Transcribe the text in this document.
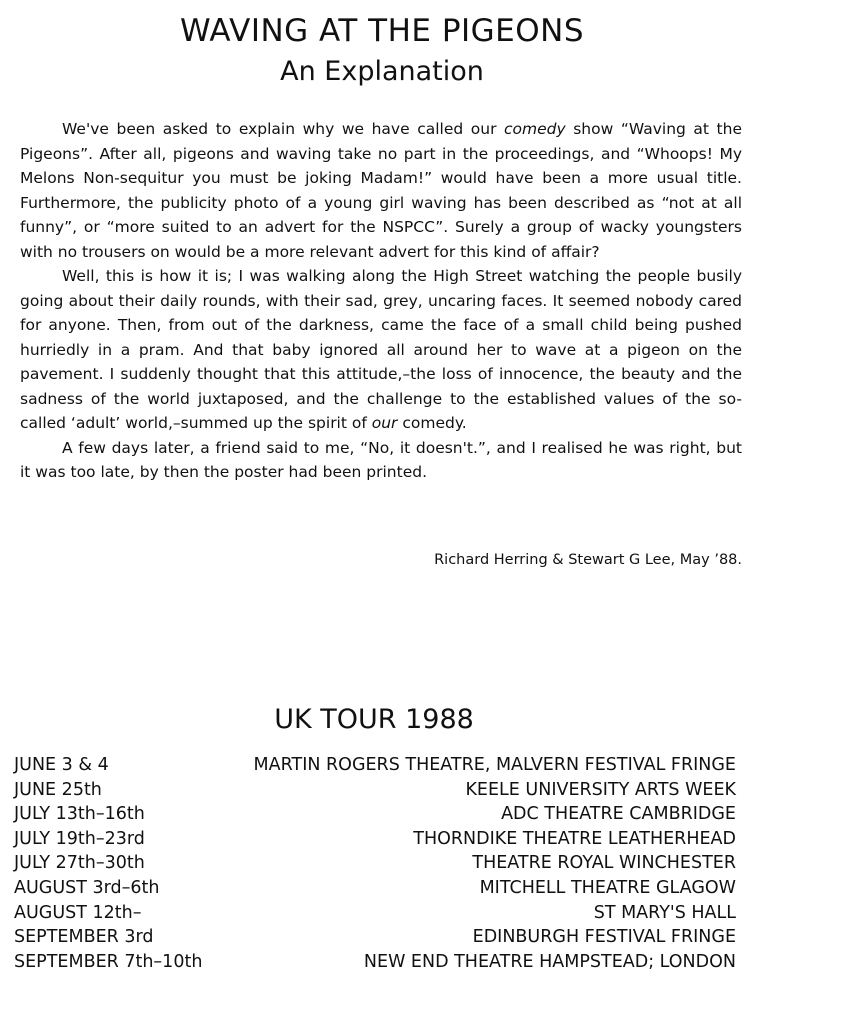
WAVING AT THE PIGEONS
An Explanation

We've been asked to explain why we have called our comedy show “Waving at the Pigeons”. After all, pigeons and waving take no part in the proceedings, and “Whoops! My Melons Non-sequitur you must be joking Madam!” would have been a more usual title. Furthermore, the publicity photo of a young girl waving has been described as “not at all funny”, or “more suited to an advert for the NSPCC”. Surely a group of wacky youngsters with no trousers on would be a more relevant advert for this kind of affair?

Well, this is how it is; I was walking along the High Street watching the people busily going about their daily rounds, with their sad, grey, uncaring faces. It seemed nobody cared for anyone. Then, from out of the darkness, came the face of a small child being pushed hurriedly in a pram. And that baby ignored all around her to wave at a pigeon on the pavement. I suddenly thought that this attitude,–the loss of innocence, the beauty and the sadness of the world juxtaposed, and the challenge to the established values of the so-called ‘adult’ world,–summed up the spirit of our comedy.

A few days later, a friend said to me, “No, it doesn't.”, and I realised he was right, but it was too late, by then the poster had been printed.

Richard Herring & Stewart G Lee, May ’88.
UK TOUR 1988
JUNE 3 & 4	MARTIN ROGERS THEATRE, MALVERN FESTIVAL FRINGE
JUNE 25th	KEELE UNIVERSITY ARTS WEEK
JULY 13th–16th	ADC THEATRE CAMBRIDGE
JULY 19th–23rd	THORNDIKE THEATRE LEATHERHEAD
JULY 27th–30th	THEATRE ROYAL WINCHESTER
AUGUST 3rd–6th	MITCHELL THEATRE GLAGOW
AUGUST 12th–	ST MARY'S HALL
SEPTEMBER 3rd	EDINBURGH FESTIVAL FRINGE
SEPTEMBER 7th–10th	NEW END THEATRE HAMPSTEAD; LONDON
